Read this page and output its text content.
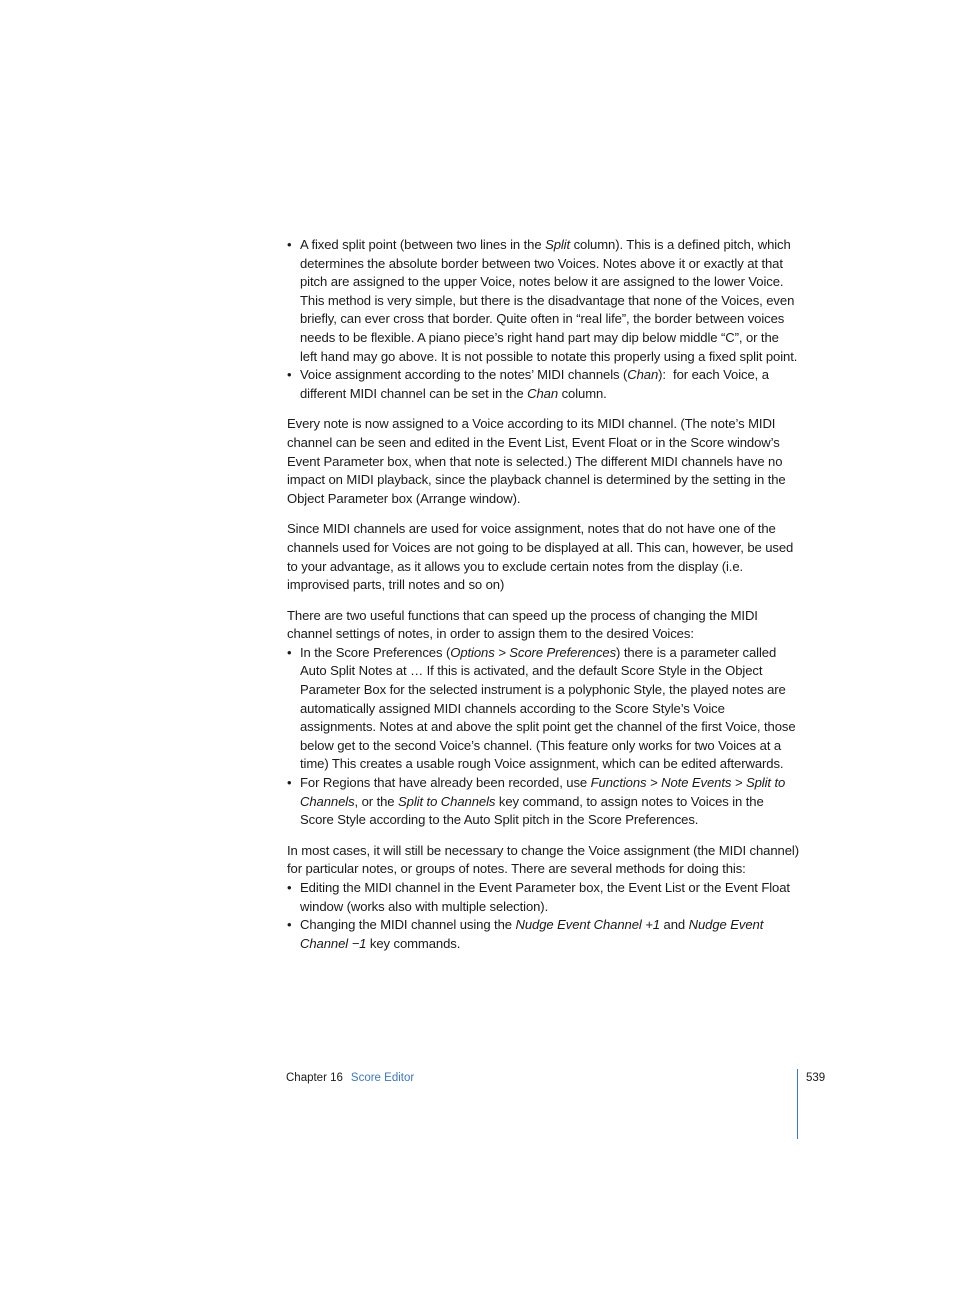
• A fixed split point (between two lines in the Split column). This is a defined pitch, which determines the absolute border between two Voices. Notes above it or exactly at that pitch are assigned to the upper Voice, notes below it are assigned to the lower Voice. This method is very simple, but there is the disadvantage that none of the Voices, even briefly, can ever cross that border. Quite often in “real life”, the border between voices needs to be flexible. A piano piece’s right hand part may dip below middle “C”, or the left hand may go above. It is not possible to notate this properly using a fixed split point.
• Voice assignment according to the notes’ MIDI channels (Chan):  for each Voice, a different MIDI channel can be set in the Chan column.

Every note is now assigned to a Voice according to its MIDI channel. (The note’s MIDI channel can be seen and edited in the Event List, Event Float or in the Score window’s Event Parameter box, when that note is selected.) The different MIDI channels have no impact on MIDI playback, since the playback channel is determined by the setting in the Object Parameter box (Arrange window).

Since MIDI channels are used for voice assignment, notes that do not have one of the channels used for Voices are not going to be displayed at all. This can, however, be used to your advantage, as it allows you to exclude certain notes from the display (i.e. improvised parts, trill notes and so on)

There are two useful functions that can speed up the process of changing the MIDI channel settings of notes, in order to assign them to the desired Voices:

• In the Score Preferences (Options > Score Preferences) there is a parameter called Auto Split Notes at … If this is activated, and the default Score Style in the Object Parameter Box for the selected instrument is a polyphonic Style, the played notes are automatically assigned MIDI channels according to the Score Style’s Voice assignments. Notes at and above the split point get the channel of the first Voice, those below get to the second Voice’s channel. (This feature only works for two Voices at a time) This creates a usable rough Voice assignment, which can be edited afterwards.
• For Regions that have already been recorded, use Functions > Note Events > Split to Channels, or the Split to Channels key command, to assign notes to Voices in the Score Style according to the Auto Split pitch in the Score Preferences.

In most cases, it will still be necessary to change the Voice assignment (the MIDI channel) for particular notes, or groups of notes. There are several methods for doing this:

• Editing the MIDI channel in the Event Parameter box, the Event List or the Event Float window (works also with multiple selection).
• Changing the MIDI channel using the Nudge Event Channel +1 and Nudge Event Channel −1 key commands.
Chapter 16 Score Editor	539
